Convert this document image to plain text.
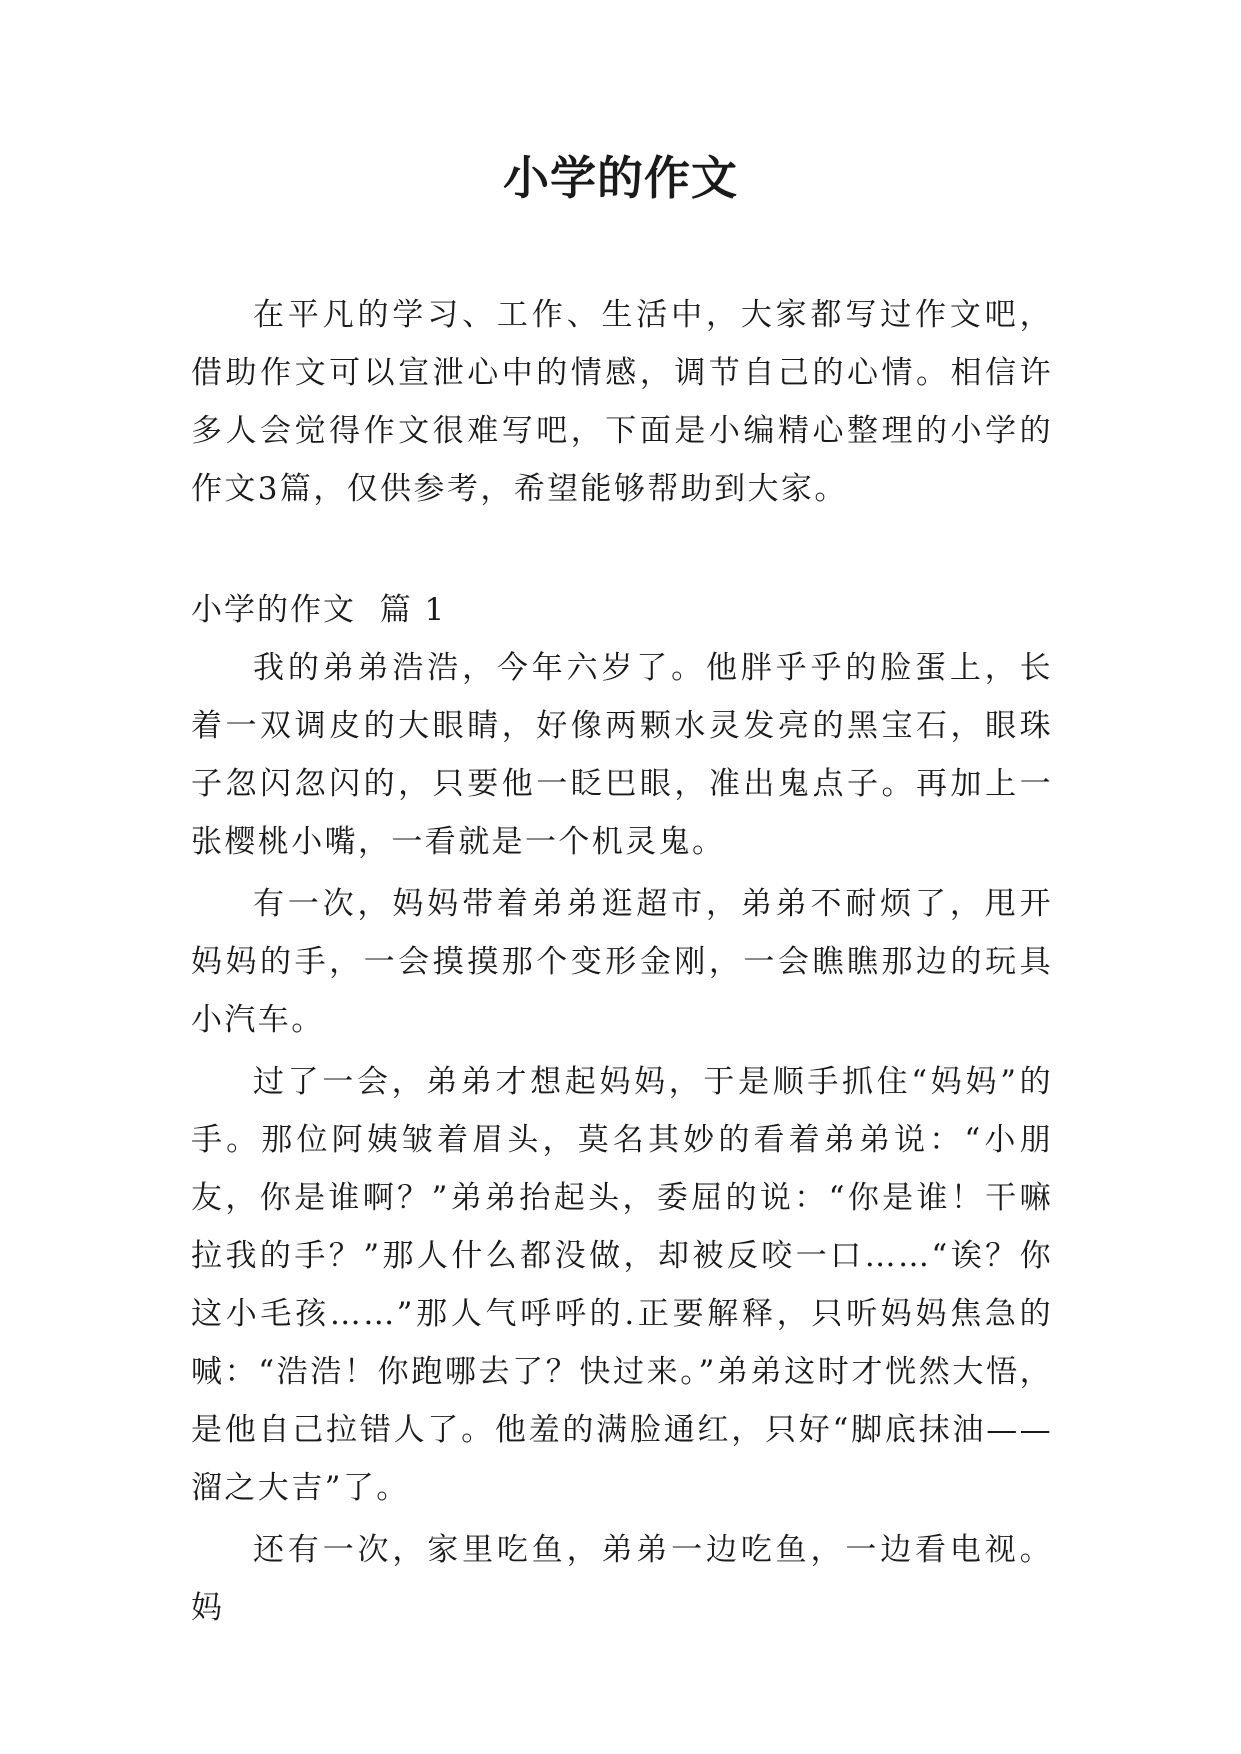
小学的作文

在平凡的学习、工作、生活中，大家都写过作文吧，借助作文可以宣泄心中的情感，调节自己的心情。相信许多人会觉得作文很难写吧，下面是小编精心整理的小学的作文3篇，仅供参考，希望能够帮助到大家。

小学的作文  篇 1

我的弟弟浩浩，今年六岁了。他胖乎乎的脸蛋上，长着一双调皮的大眼睛，好像两颗水灵发亮的黑宝石，眼珠子忽闪忽闪的，只要他一眨巴眼，准出鬼点子。再加上一张樱桃小嘴，一看就是一个机灵鬼。

有一次，妈妈带着弟弟逛超市，弟弟不耐烦了，甩开妈妈的手，一会摸摸那个变形金刚，一会瞧瞧那边的玩具小汽车。

过了一会，弟弟才想起妈妈，于是顺手抓住“妈妈”的手。那位阿姨皱着眉头，莫名其妙的看着弟弟说：“小朋友，你是谁啊？”弟弟抬起头，委屈的说：“你是谁！干嘛拉我的手？”那人什么都没做，却被反咬一口……“诶？你这小毛孩……”那人气呼呼的.正要解释，只听妈妈焦急的喊：“浩浩！你跑哪去了？快过来。”弟弟这时才恍然大悟，是他自己拉错人了。他羞的满脸通红，只好“脚底抹油——溜之大吉”了。

还有一次，家里吃鱼，弟弟一边吃鱼，一边看电视。妈
